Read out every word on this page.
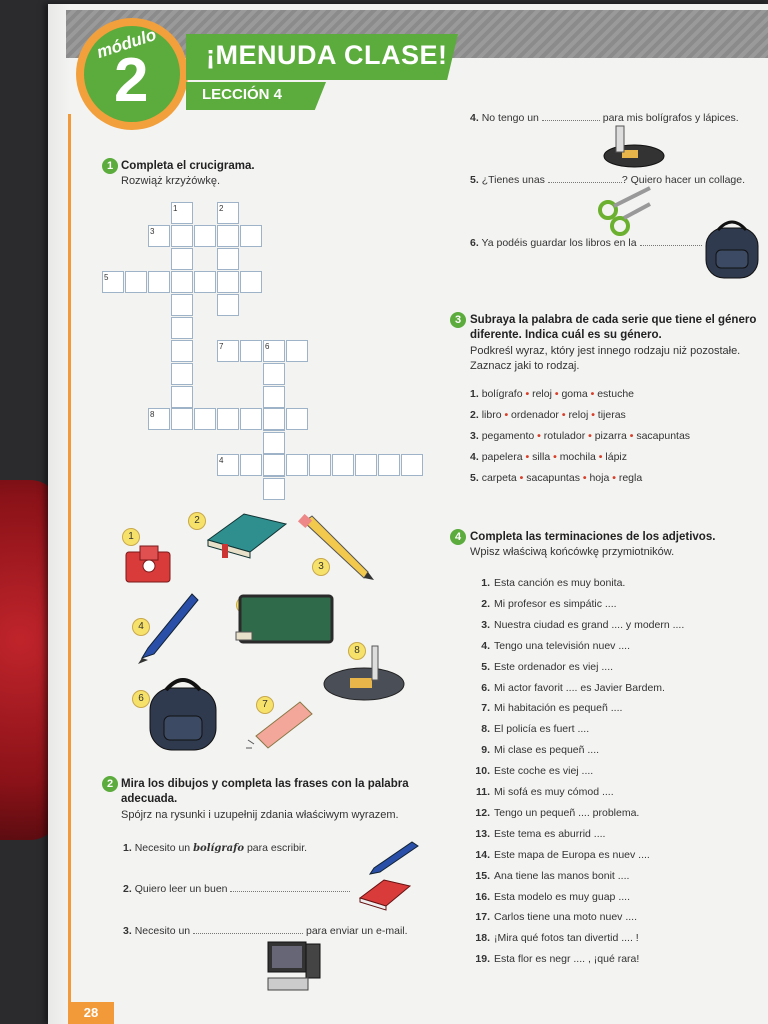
módulo
2 ¡MENUDA CLASE!
LECCIÓN 4
1 Completa el crucigrama.
Rozwiąż krzyżówkę.
1	2
3
5
7	6
8
4
1
2
3
4
8
6
7
2 Mira los dibujos y completa las frases con la palabra
adecuada.
Spójrz na rysunki i uzupełnij zdania właściwym wyrazem.
1. Necesito un bolígrafo para escribir.
2. Quiero leer un buen
3. Necesito un	para enviar un e-mail.
4. No tengo un	para mis bolígrafos y lápices.
5. ¿Tienes unas	? Quiero hacer un collage.
6. Ya podéis guardar los libros en la
3 Subraya la palabra de cada serie que tiene el género
diferente. Indica cuál es su género.
Podkreśl wyraz, który jest innego rodzaju niż pozostałe.
Zaznacz jaki to rodzaj.
1. bolígrafo • reloj • goma • estuche
2. libro • ordenador • reloj • tijeras
3. pegamento • rotulador • pizarra • sacapuntas
4. papelera • silla • mochila • lápiz
5. carpeta • sacapuntas • hoja • regla
4 Completa las terminaciones de los adjetivos.
Wpisz właściwą końcówkę przymiotników.
1. Esta canción es muy bonita.
2. Mi profesor es simpátic ....
3. Nuestra ciudad es grand .... y modern ....
4. Tengo una televisión nuev ....
5. Este ordenador es viej ....
6. Mi actor favorit .... es Javier Bardem.
7. Mi habitación es pequeñ ....
8. El policía es fuert ....
9. Mi clase es pequeñ ....
10. Este coche es viej ....
11. Mi sofá es muy cómod ....
12. Tengo un pequeñ .... problema.
13. Este tema es aburrid ....
14. Este mapa de Europa es nuev ....
15. Ana tiene las manos bonit ....
16. Esta modelo es muy guap ....
17. Carlos tiene una moto nuev ....
18. ¡Mira qué fotos tan divertid .... !
19. Esta flor es negr .... , ¡qué rara!
28
